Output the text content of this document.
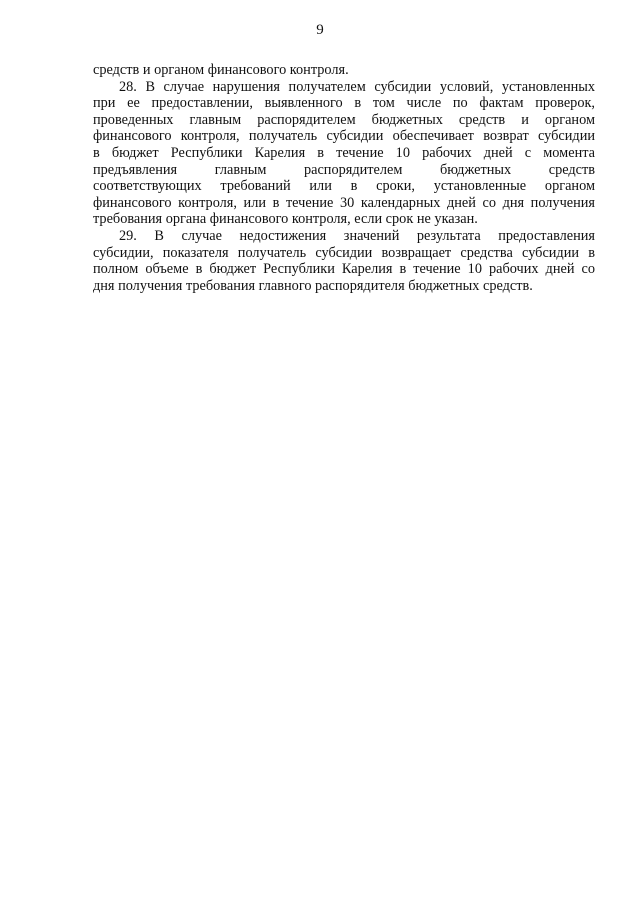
9
средств и органом финансового контроля.
28. В случае нарушения получателем субсидии условий, установленных
при ее предоставлении, выявленного в том числе по фактам проверок,
проведенных главным распорядителем бюджетных средств и органом
финансового контроля, получатель субсидии обеспечивает возврат субсидии
в бюджет Республики Карелия в течение 10 рабочих дней с момента
предъявления главным распорядителем бюджетных средств
соответствующих требований или в сроки, установленные органом
финансового контроля, или в течение 30 календарных дней со дня получения
требования органа финансового контроля, если срок не указан.
29. В случае недостижения значений результата предоставления
субсидии, показателя получатель субсидии возвращает средства субсидии в
полном объеме в бюджет Республики Карелия в течение 10 рабочих дней со
дня получения требования главного распорядителя бюджетных средств.
